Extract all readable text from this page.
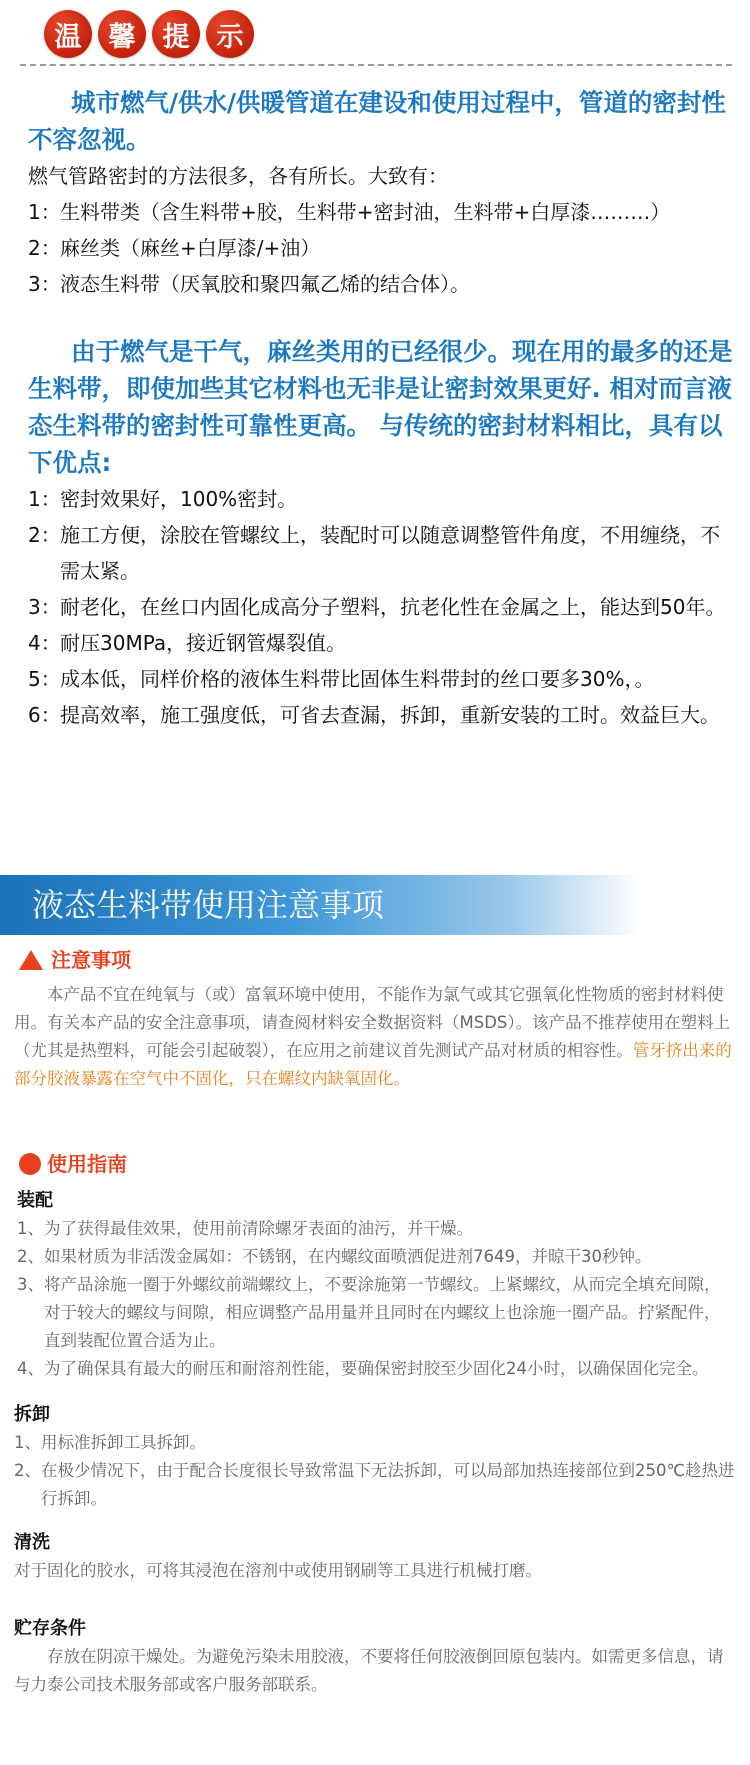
温	馨	提	示

城市燃气/供水/供暖管道在建设和使用过程中，管道的密封性不容忽视。

燃气管路密封的方法很多，各有所长。大致有：

1： 生料带类（含生料带+胶，生料带+密封油，生料带+白厚漆………）
2： 麻丝类（麻丝+白厚漆/+油）
3： 液态生料带（厌氧胶和聚四氟乙烯的结合体）。

由于燃气是干气，麻丝类用的已经很少。现在用的最多的还是生料带，即使加些其它材料也无非是让密封效果更好. 相对而言液态生料带的密封性可靠性更高。 与传统的密封材料相比，具有以下优点:

1： 密封效果好，100%密封。
2： 施工方便，涂胶在管螺纹上，装配时可以随意调整管件角度，不用缠绕，不需太紧。
3： 耐老化，在丝口内固化成高分子塑料，抗老化性在金属之上，能达到50年。
4： 耐压30MPa，接近钢管爆裂值。
5： 成本低，同样价格的液体生料带比固体生料带封的丝口要多30%，。
6： 提高效率，施工强度低，可省去查漏，拆卸，重新安装的工时。效益巨大。
液态生料带使用注意事项
注意事项

本产品不宜在纯氧与（或）富氧环境中使用，不能作为氯气或其它强氧化性物质的密封材料使用。有关本产品的安全注意事项，请查阅材料安全数据资料（MSDS）。该产品不推荐使用在塑料上（尤其是热塑料，可能会引起破裂），在应用之前建议首先测试产品对材质的相容性。管牙挤出来的部分胶液暴露在空气中不固化，只在螺纹内缺氧固化。

使用指南

装配

1、 为了获得最佳效果，使用前清除螺牙表面的油污，并干燥。
2、 如果材质为非活泼金属如：不锈钢，在内螺纹面喷洒促进剂7649，并晾干30秒钟。
3、 将产品涂施一圈于外螺纹前端螺纹上，不要涂施第一节螺纹。上紧螺纹，从而完全填充间隙，对于较大的螺纹与间隙，相应调整产品用量并且同时在内螺纹上也涂施一圈产品。拧紧配件，直到装配位置合适为止。
4、 为了确保具有最大的耐压和耐溶剂性能，要确保密封胶至少固化24小时，以确保固化完全。

拆卸

1、 用标准拆卸工具拆卸。
2、 在极少情况下，由于配合长度很长导致常温下无法拆卸，可以局部加热连接部位到250℃趁热进行拆卸。

清洗

对于固化的胶水，可将其浸泡在溶剂中或使用钢刷等工具进行机械打磨。

贮存条件

存放在阴凉干燥处。为避免污染未用胶液，不要将任何胶液倒回原包装内。如需更多信息，请与力泰公司技术服务部或客户服务部联系。
